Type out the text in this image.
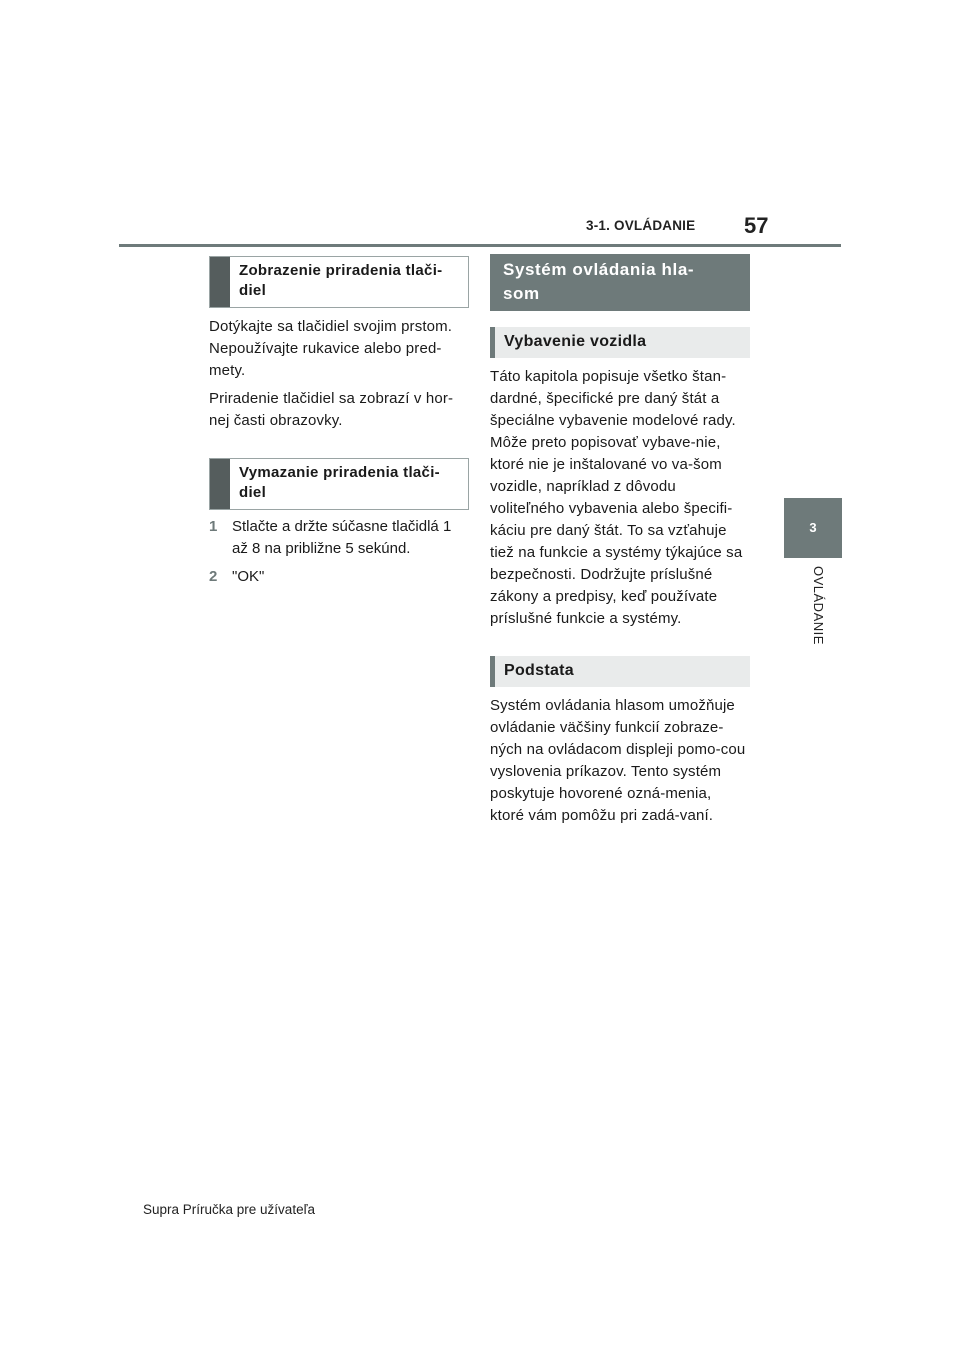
3-1. OVLÁDANIE 57
3
OVLÁDANIE
Zobrazenie priradenia tlači-
diel

Dotýkajte sa tlačidiel svojim prstom. Nepoužívajte rukavice alebo pred-mety.

Priradenie tlačidiel sa zobrazí v hor-nej časti obrazovky.

Vymazanie priradenia tlači-
diel
1 Stlačte a držte súčasne tlačidlá 1 až 8 na približne 5 sekúnd.
2 "OK"
Systém ovládania hla-
som
Vybavenie vozidla

Táto kapitola popisuje všetko štan-dardné, špecifické pre daný štát a špeciálne vybavenie modelové rady. Môže preto popisovať vybave-nie, ktoré nie je inštalované vo va-šom vozidle, napríklad z dôvodu voliteľného vybavenia alebo špecifi-káciu pre daný štát. To sa vzťahuje tiež na funkcie a systémy týkajúce sa bezpečnosti. Dodržujte príslušné zákony a predpisy, keď používate príslušné funkcie a systémy.

Podstata

Systém ovládania hlasom umožňuje ovládanie väčšiny funkcií zobraze-ných na ovládacom displeji pomo-cou vyslovenia príkazov. Tento systém poskytuje hovorené ozná-menia, ktoré vám pomôžu pri zadá-vaní.

Supra Príručka pre užívateľa
